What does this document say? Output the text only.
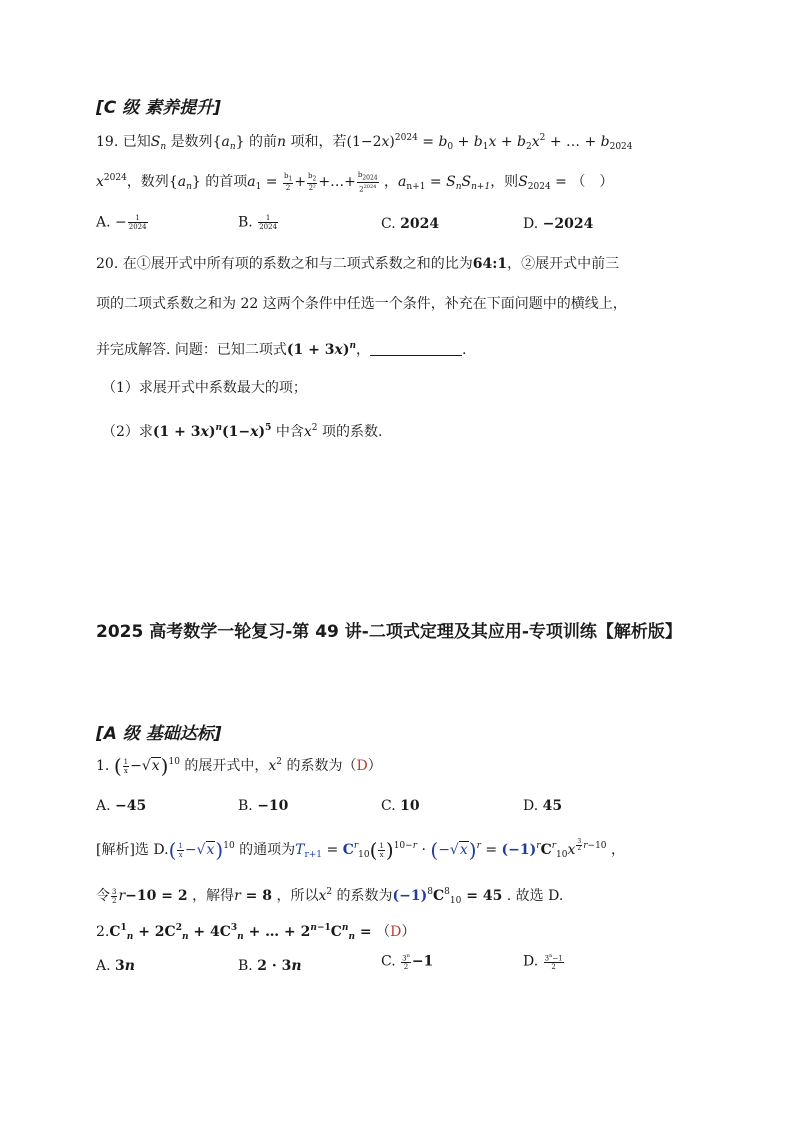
[C 级 素养提升]
19. 已知$S_n$ 是数列$\{a_n\}$ 的前n 项和，若$(1-2x)^{2024} = b_0 + b_1x + b_2x^2$ + … + $b_{2024}$
$x^{2024}$，数列$\{a_n\}$ 的首项$a_1 = \frac{b_1}{2} + \frac{b_2}{\text{2²}}$ +…+ $\frac{b_{2024}}{2^{2024}}$ ，$a_{n+1} = S_nS_{n+1}$，则$S_{2024}$ = （　）
A. − $\frac{1}{2024}$	B. $\frac{1}{2024}$	C. 2024	D. −2024
20. 在①展开式中所有项的系数之和与二项式系数之和的比为64:1，②展开式中前三
项的二项式系数之和为 22 这两个条件中任选一个条件，补充在下面问题中的横线上，
并完成解答. 问题：已知二项式$(1 + 3x)^n$，	.
（1）求展开式中系数最大的项；
（2）求$(1 + 3x)^n(1-x)^5$ 中含$x^2$ 项的系数.
2025 高考数学一轮复习-第 49 讲-二项式定理及其应用-专项训练【解析版】
[A 级 基础达标]
1. ( $\frac{1}{x} -√x)^{10}$ 的展开式中，$x^2$ 的系数为（D）
A. −45	B. −10	C. 10	D. 45
[解析]选 $D.( \frac{1}{x} -√x)^{10}$ 的通项为$T_{r+1} = C^r_{10}( \frac{1}{x} )^{10-r} \cdot (-√x)^r = (-1)^rC^r_{10}x$ $^{\frac{3}{2} r-10}$ ，
令 $\frac{3}{2} r-10 = 2$ ，解得r = 8 ，所以$x^2$ 的系数为$(-1)^8C^8_{10} = 45$ . 故选 D.
$2.C^1_n + 2C^2_n + 4C^3_n$ + … + $2^{n-1}C^n_n = (D)$
A. 3n	B. 2 · 3n	C. $\frac{3^n}{2} -1$	D. $\frac{3^n-1}{2}$
